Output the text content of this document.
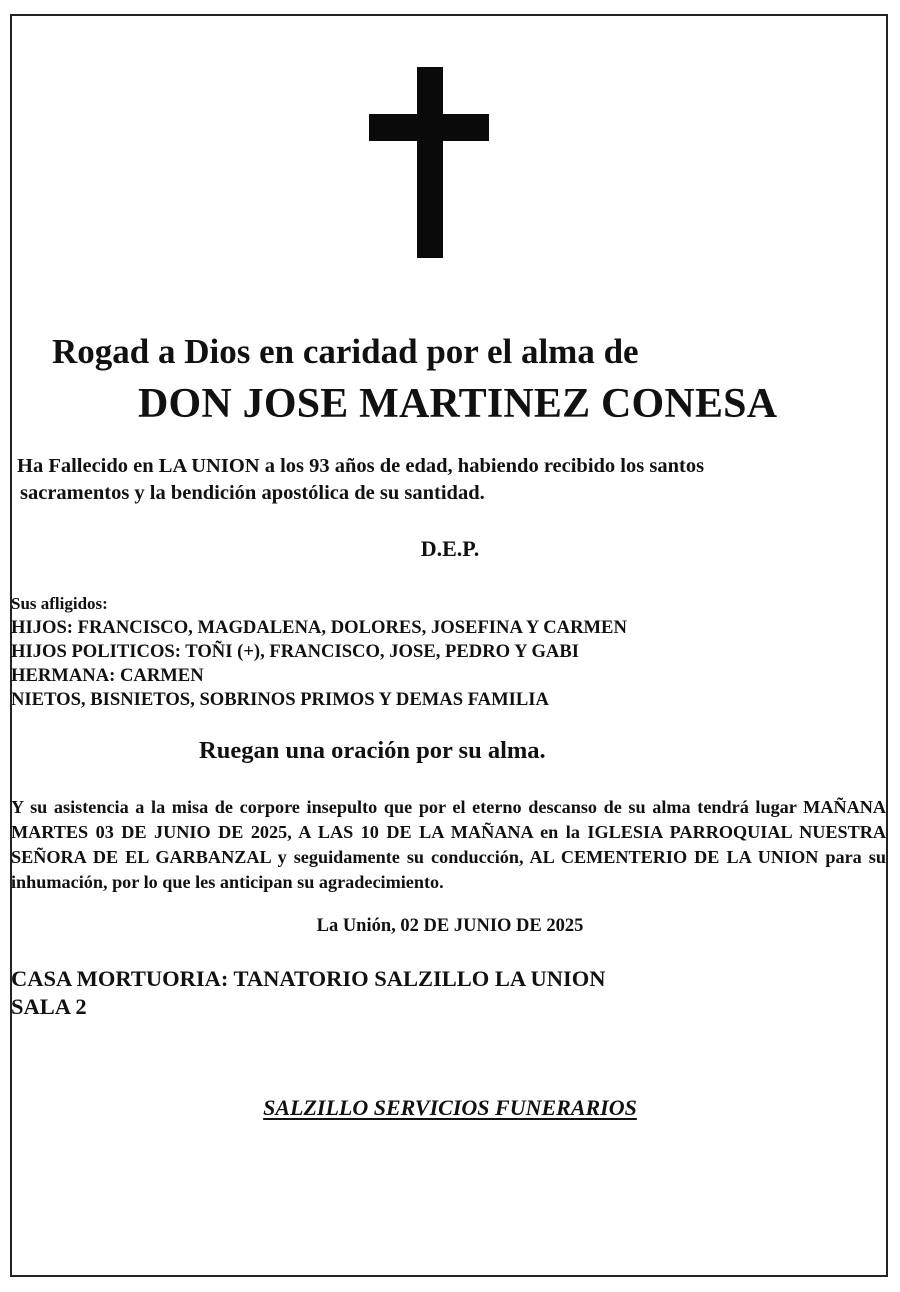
Rogad a Dios en caridad por el alma de

DON JOSE MARTINEZ CONESA

Ha Fallecido en LA UNION a los 93 años de edad, habiendo recibido los santos
sacramentos y la bendición apostólica de su santidad.

D.E.P.

Sus afligidos:
HIJOS: FRANCISCO, MAGDALENA, DOLORES, JOSEFINA Y CARMEN
HIJOS POLITICOS: TOÑI (+), FRANCISCO, JOSE, PEDRO Y GABI
HERMANA: CARMEN
NIETOS, BISNIETOS, SOBRINOS PRIMOS Y DEMAS FAMILIA

Ruegan una oración por su alma.

Y su asistencia a la misa de corpore insepulto que por el eterno descanso de su alma tendrá lugar MAÑANA MARTES 03 DE JUNIO DE 2025, A LAS 10 DE LA MAÑANA en la IGLESIA PARROQUIAL NUESTRA SEÑORA DE EL GARBANZAL y seguidamente su conducción, AL CEMENTERIO DE LA UNION para su inhumación, por lo que les anticipan su agradecimiento.

La Unión, 02 DE JUNIO DE 2025

CASA MORTUORIA: TANATORIO SALZILLO LA UNION
SALA 2

SALZILLO SERVICIOS FUNERARIOS
